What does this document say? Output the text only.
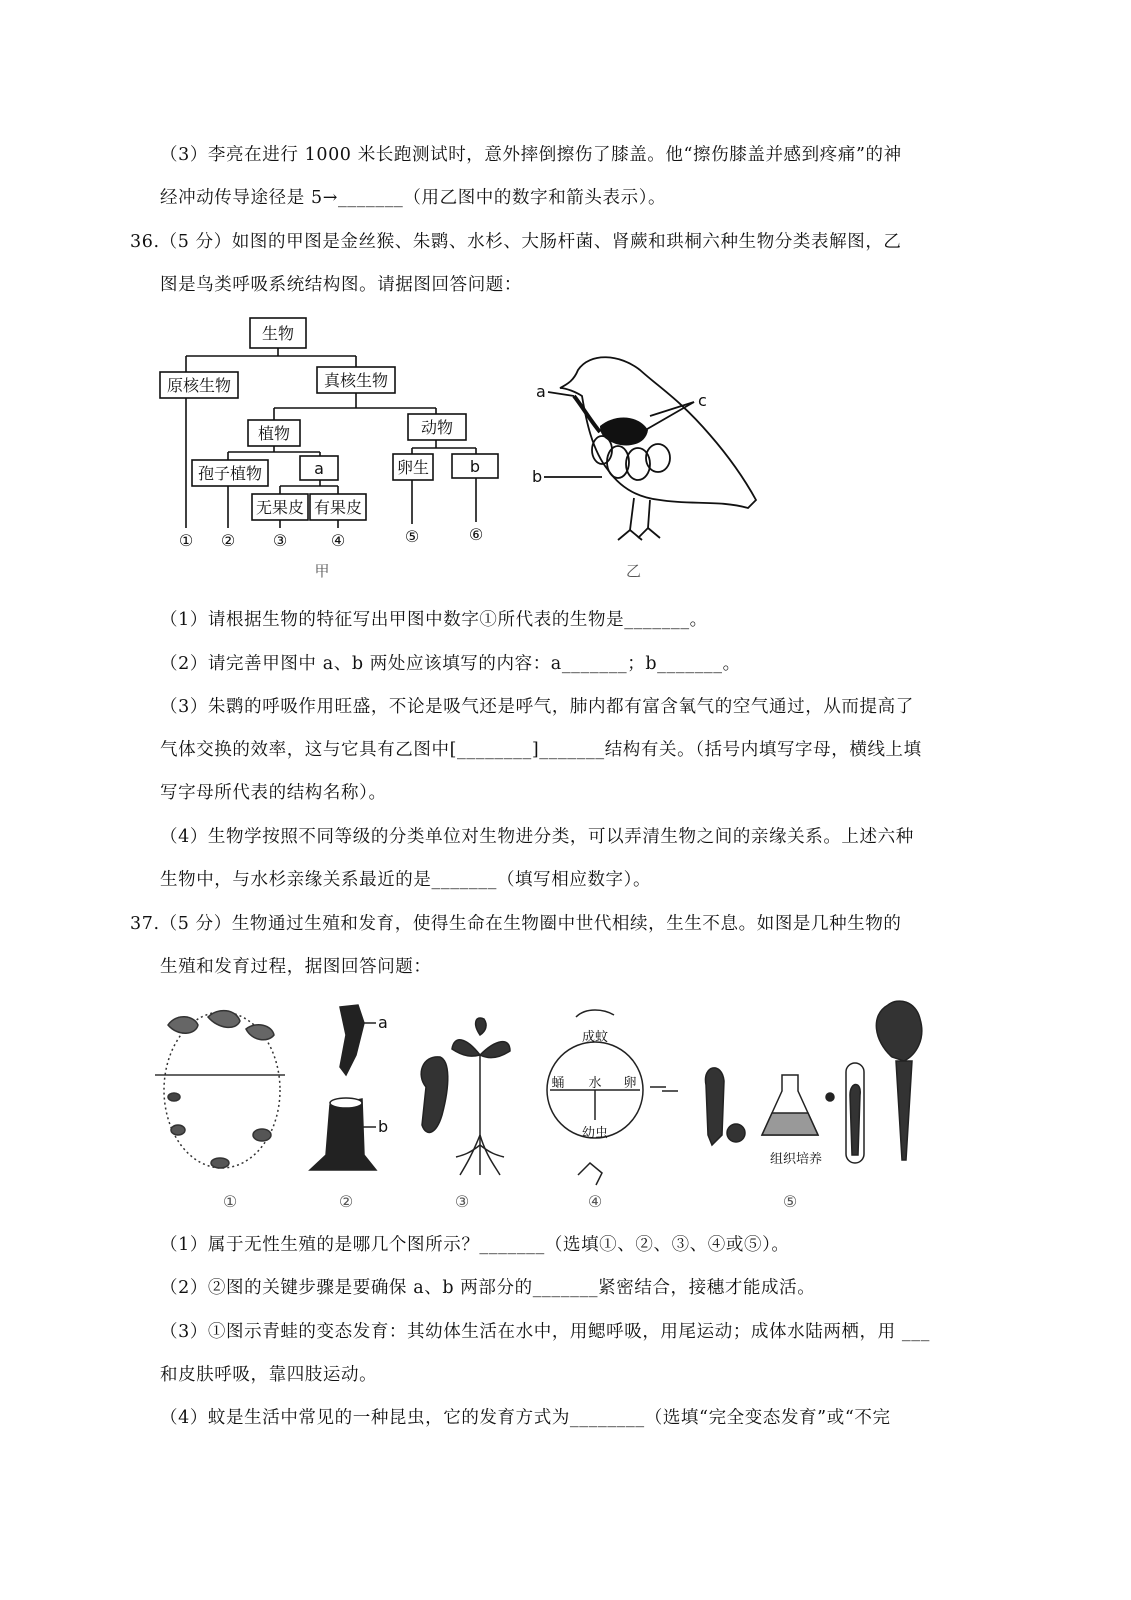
（3）李亮在进行 1000 米长跑测试时，意外摔倒擦伤了膝盖。他“擦伤膝盖并感到疼痛”的神
经冲动传导途径是 5→_______（用乙图中的数字和箭头表示）。
36.（5 分）如图的甲图是金丝猴、朱鹮、水杉、大肠杆菌、肾蕨和珙桐六种生物分类表解图，乙
图是鸟类呼吸系统结构图。请据图回答问题：
生物
原核生物	真核生物
植物	动物
孢子植物	a	卵生	b
无果皮 有果皮
① ② ③	④	⑤	⑥
甲
a	c
b
乙
（1）请根据生物的特征写出甲图中数字①所代表的生物是_______。
（2）请完善甲图中 a、b 两处应该填写的内容：a_______；b_______。
（3）朱鹮的呼吸作用旺盛，不论是吸气还是呼气，肺内都有富含氧气的空气通过，从而提高了
气体交换的效率，这与它具有乙图中[________]_______结构有关。（括号内填写字母，横线上填
写字母所代表的结构名称）。
（4）生物学按照不同等级的分类单位对生物进分类，可以弄清生物之间的亲缘关系。上述六种
生物中，与水杉亲缘关系最近的是_______（填写相应数字）。
37.（5 分）生物通过生殖和发育，使得生命在生物圈中世代相续，生生不息。如图是几种生物的
生殖和发育过程，据图回答问题：
a
b
成蚊
水 卵
蛹
幼虫
组织培养
①	②	③	④	⑤
（1）属于无性生殖的是哪几个图所示？_______（选填①、②、③、④或⑤）。
（2）②图的关键步骤是要确保 a、b 两部分的_______紧密结合，接穗才能成活。
（3）①图示青蛙的变态发育：其幼体生活在水中，用鳃呼吸，用尾运动；成体水陆两栖，用 ___
和皮肤呼吸，靠四肢运动。
（4）蚊是生活中常见的一种昆虫，它的发育方式为________（选填“完全变态发育”或“不完
